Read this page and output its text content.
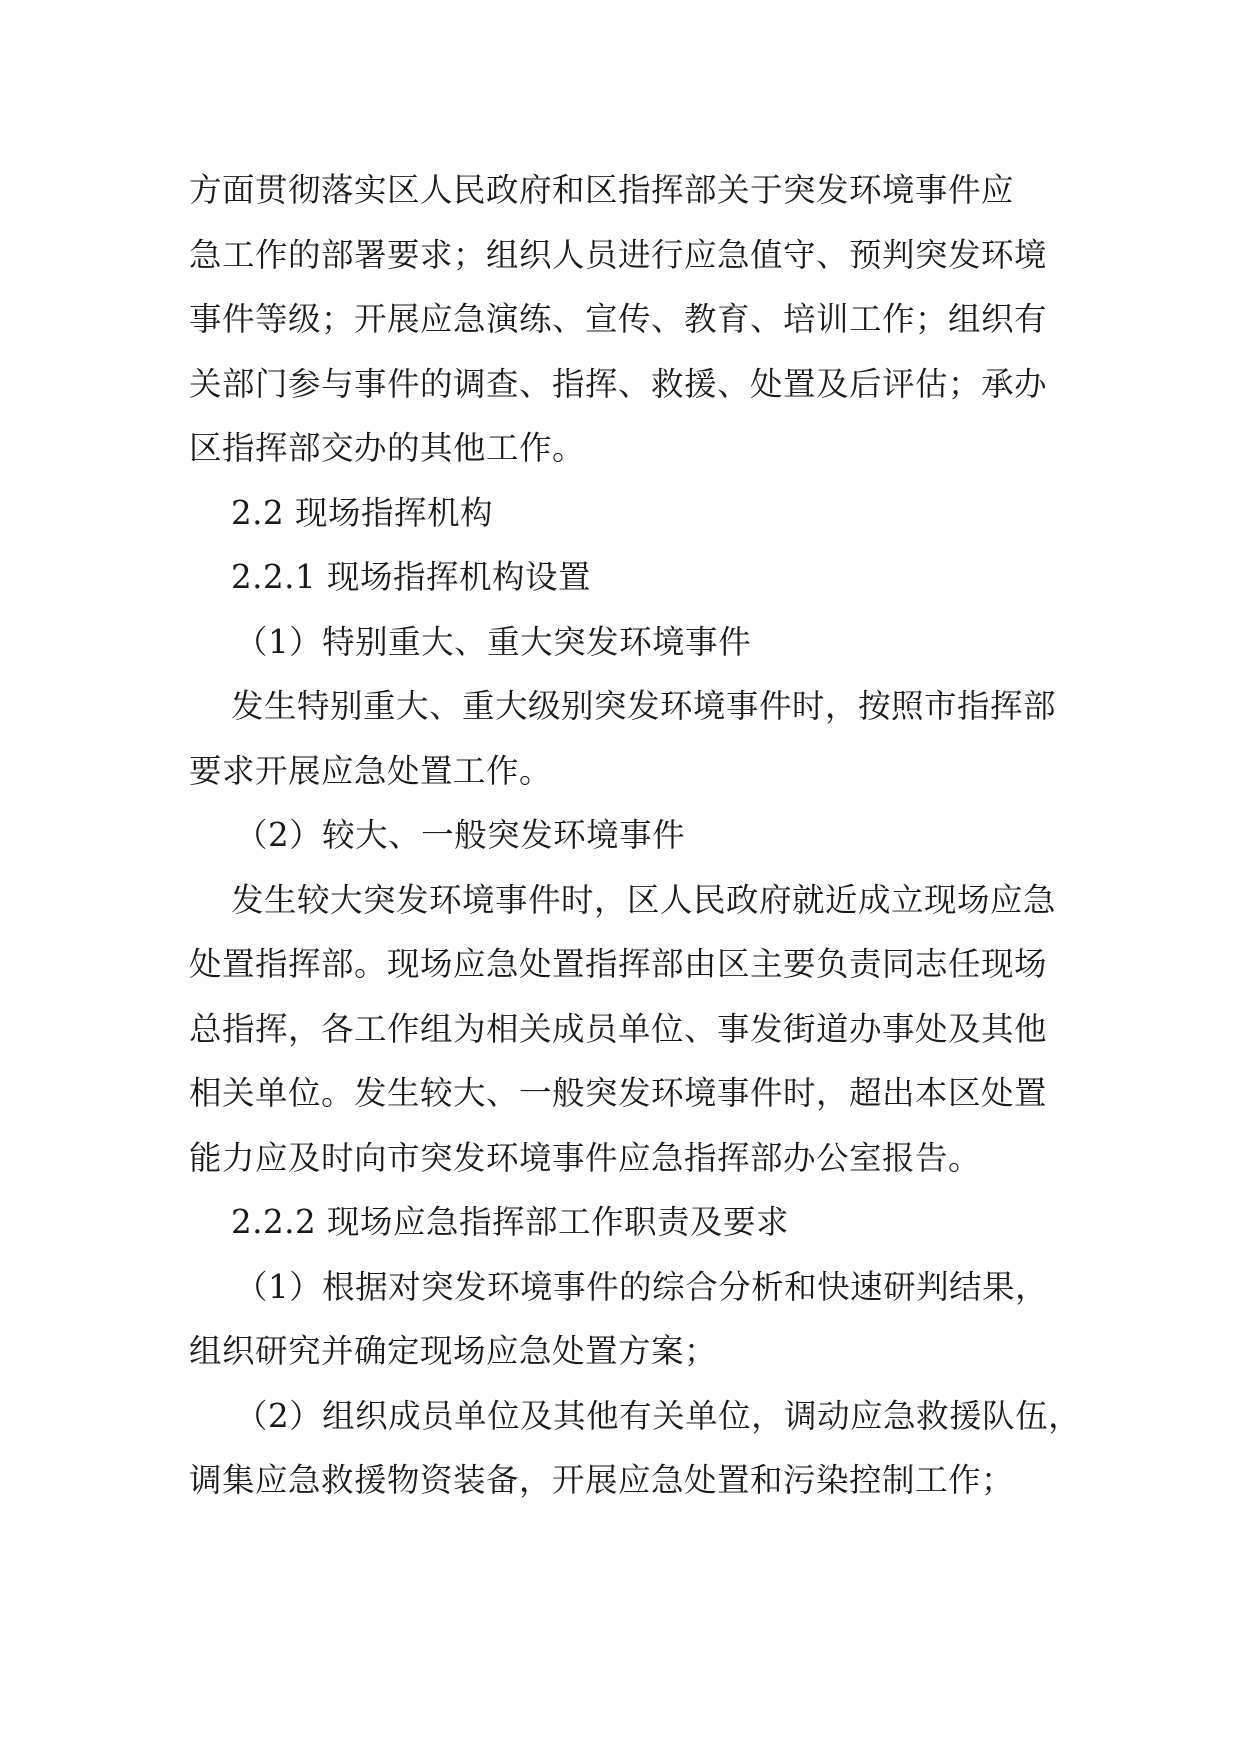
方面贯彻落实区人民政府和区指挥部关于突发环境事件应
急工作的部署要求；组织人员进行应急值守、预判突发环境
事件等级；开展应急演练、宣传、教育、培训工作；组织有
关部门参与事件的调查、指挥、救援、处置及后评估；承办
区指挥部交办的其他工作。
2.2 现场指挥机构
2.2.1 现场指挥机构设置
（1）特别重大、重大突发环境事件
发生特别重大、重大级别突发环境事件时，按照市指挥部
要求开展应急处置工作。
（2）较大、一般突发环境事件
发生较大突发环境事件时，区人民政府就近成立现场应急
处置指挥部。现场应急处置指挥部由区主要负责同志任现场
总指挥，各工作组为相关成员单位、事发街道办事处及其他
相关单位。发生较大、一般突发环境事件时，超出本区处置
能力应及时向市突发环境事件应急指挥部办公室报告。
2.2.2 现场应急指挥部工作职责及要求
（1）根据对突发环境事件的综合分析和快速研判结果，
组织研究并确定现场应急处置方案；
（2）组织成员单位及其他有关单位，调动应急救援队伍，
调集应急救援物资装备，开展应急处置和污染控制工作；
